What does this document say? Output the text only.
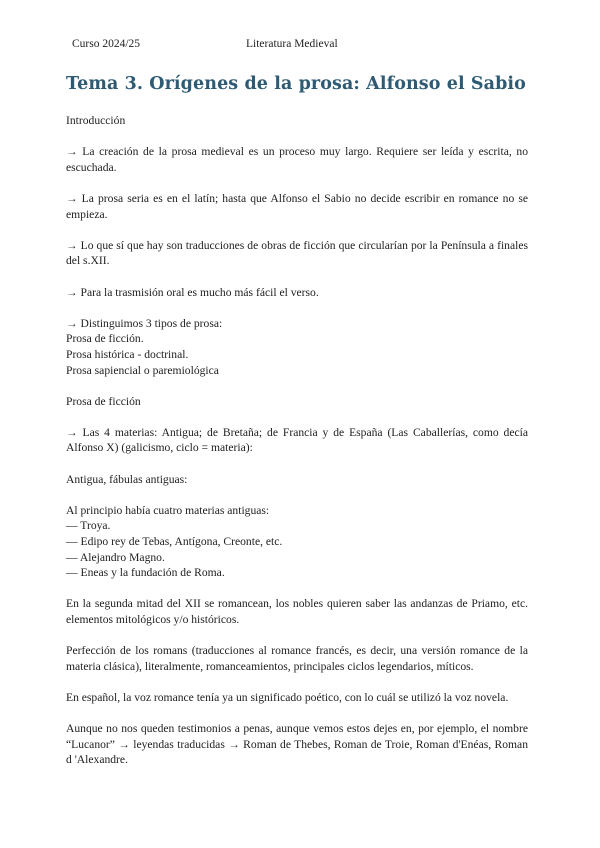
Curso 2024/25	Literatura Medieval
Tema 3. Orígenes de la prosa: Alfonso el Sabio

Introducción

→ La creación de la prosa medieval es un proceso muy largo. Requiere ser leída y escrita, no escuchada.

→ La prosa seria es en el latín; hasta que Alfonso el Sabio no decide escribir en romance no se empieza.

→ Lo que sí que hay son traducciones de obras de ficción que circularían por la Península a finales del s.XII.

→ Para la trasmisión oral es mucho más fácil el verso.

→ Distinguimos 3 tipos de prosa:
Prosa de ficción.
Prosa histórica - doctrinal.
Prosa sapiencial o paremiológica

Prosa de ficción

→ Las 4 materias: Antigua; de Bretaña; de Francia y de España (Las Caballerías, como decía Alfonso X) (galicismo, ciclo = materia):

Antigua, fábulas antiguas:

Al principio había cuatro materias antiguas:
— Troya.
— Edipo rey de Tebas, Antígona, Creonte, etc.
— Alejandro Magno.
— Eneas y la fundación de Roma.

En la segunda mitad del XII se romancean, los nobles quieren saber las andanzas de Priamo, etc. elementos mitológicos y/o históricos.

Perfección de los romans (traducciones al romance francés, es decir, una versión romance de la materia clásica), literalmente, romanceamientos, principales ciclos legendarios, míticos.

En español, la voz romance tenía ya un significado poético, con lo cuál se utilizó la voz novela.

Aunque no nos queden testimonios a penas, aunque vemos estos dejes en, por ejemplo, el nombre “Lucanor” → leyendas traducidas → Roman de Thebes, Roman de Troie, Roman d'Enéas, Roman d 'Alexandre.
